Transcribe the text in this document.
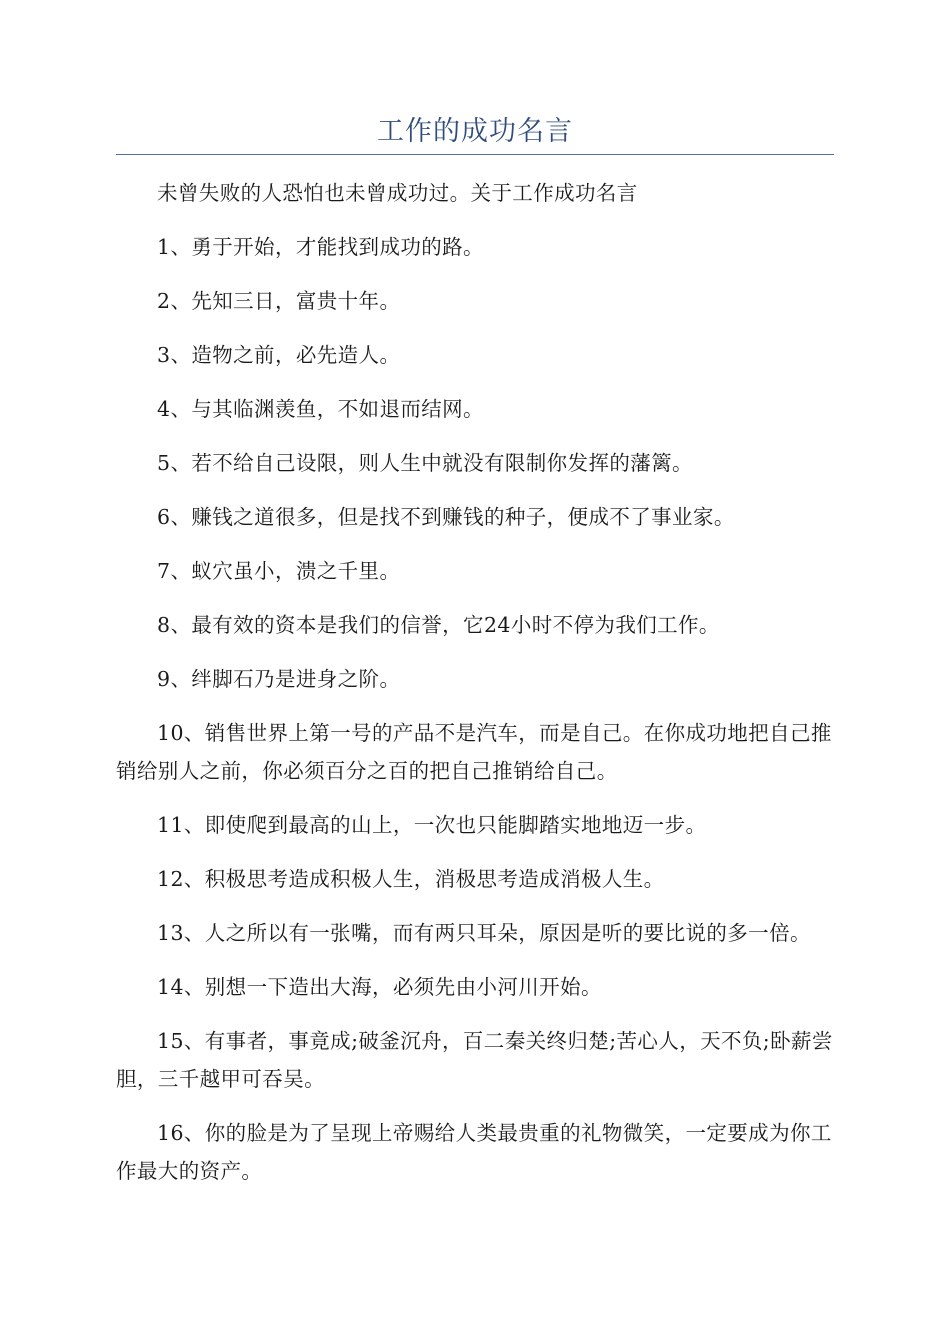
工作的成功名言

未曾失败的人恐怕也未曾成功过。关于工作成功名言

1、勇于开始，才能找到成功的路。

2、先知三日，富贵十年。

3、造物之前，必先造人。

4、与其临渊羡鱼，不如退而结网。

5、若不给自己设限，则人生中就没有限制你发挥的藩篱。

6、赚钱之道很多，但是找不到赚钱的种子，便成不了事业家。

7、蚁穴虽小，溃之千里。

8、最有效的资本是我们的信誉，它24小时不停为我们工作。

9、绊脚石乃是进身之阶。

10、销售世界上第一号的产品不是汽车，而是自己。在你成功地把自己推销给别人之前，你必须百分之百的把自己推销给自己。

11、即使爬到最高的山上，一次也只能脚踏实地地迈一步。

12、积极思考造成积极人生，消极思考造成消极人生。

13、人之所以有一张嘴，而有两只耳朵，原因是听的要比说的多一倍。

14、别想一下造出大海，必须先由小河川开始。

15、有事者，事竟成;破釜沉舟，百二秦关终归楚;苦心人，天不负;卧薪尝胆，三千越甲可吞吴。

16、你的脸是为了呈现上帝赐给人类最贵重的礼物微笑，一定要成为你工作最大的资产。
